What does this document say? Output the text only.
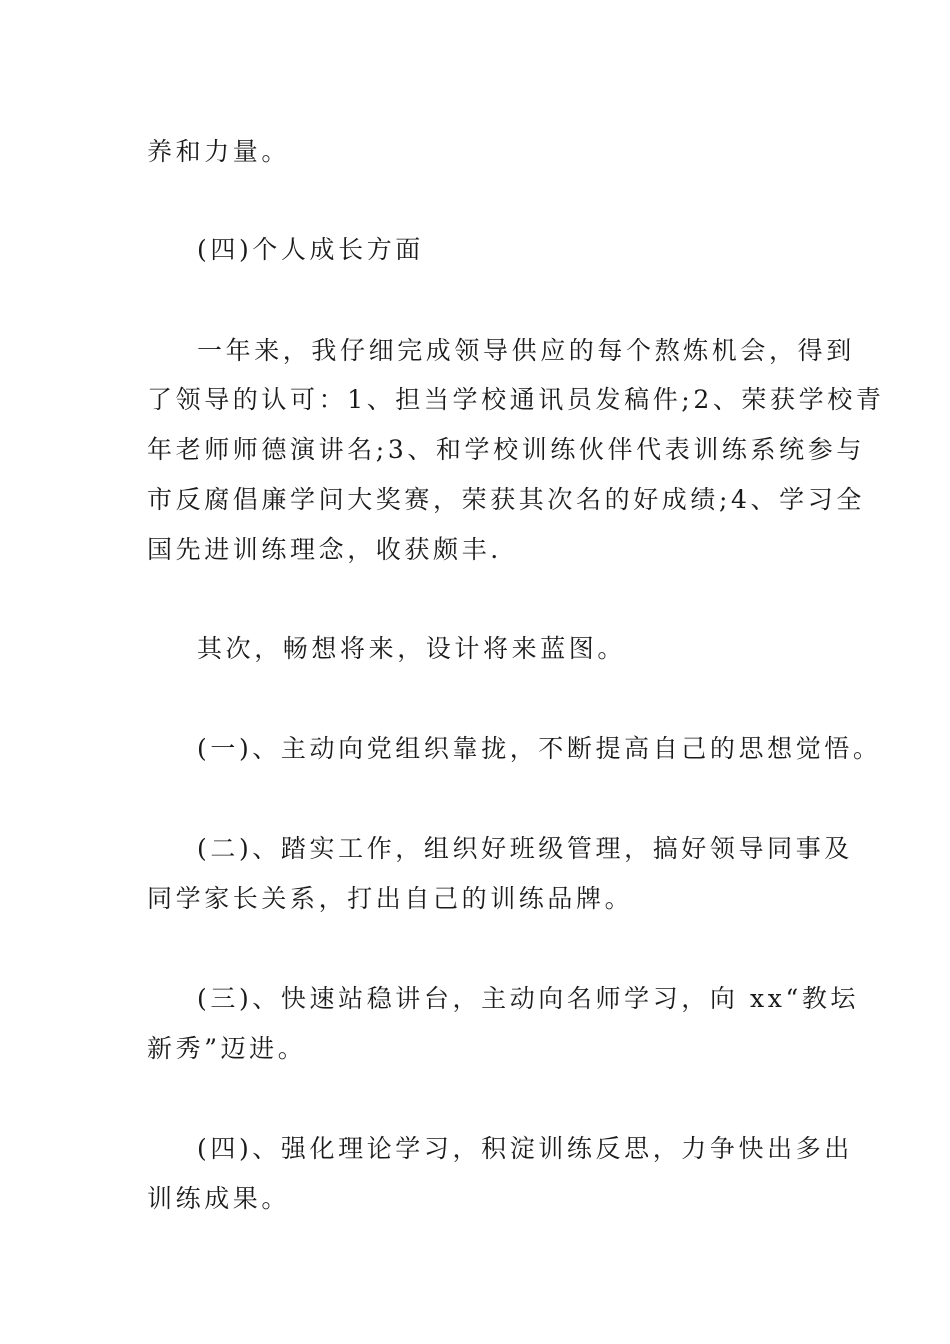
养和力量。
(四)个人成长方面
一年来，我仔细完成领导供应的每个熬炼机会，得到
了领导的认可：1、担当学校通讯员发稿件;2、荣获学校青
年老师师德演讲名;3、和学校训练伙伴代表训练系统参与
市反腐倡廉学问大奖赛，荣获其次名的好成绩;4、学习全
国先进训练理念，收获颇丰.
其次，畅想将来，设计将来蓝图。
(一)、主动向党组织靠拢，不断提高自己的思想觉悟。
(二)、踏实工作，组织好班级管理，搞好领导同事及
同学家长关系，打出自己的训练品牌。
(三)、快速站稳讲台，主动向名师学习，向 xx“教坛
新秀”迈进。
(四)、强化理论学习，积淀训练反思，力争快出多出
训练成果。
